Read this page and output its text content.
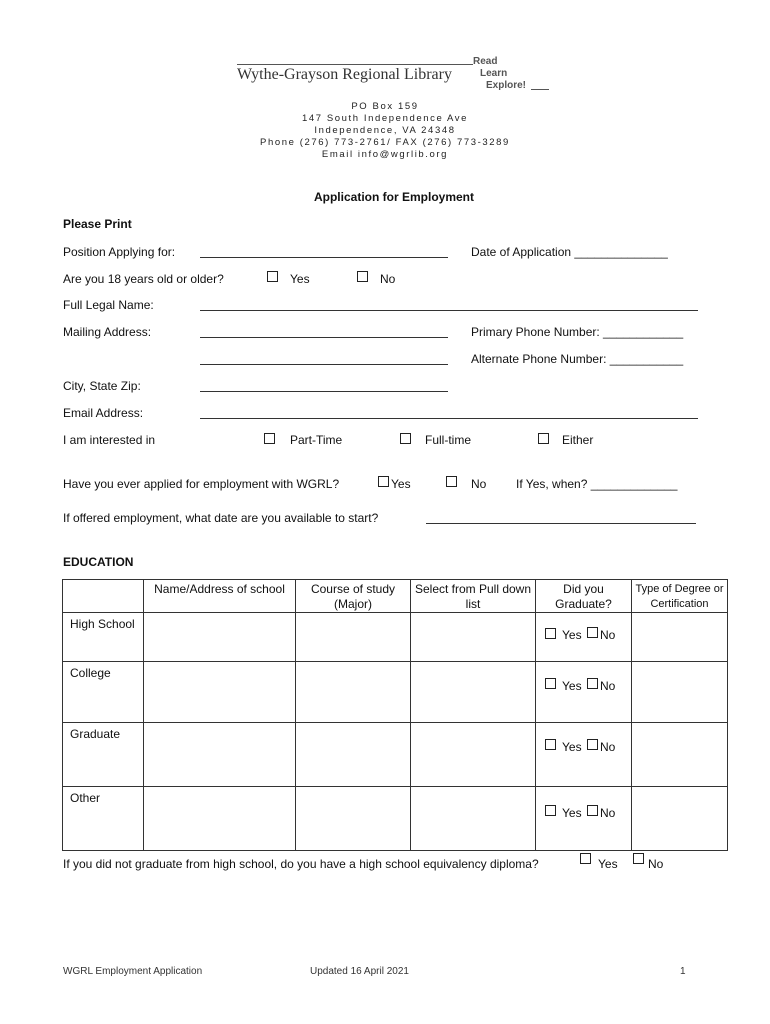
Wythe-Grayson Regional Library
Read
Learn
Explore!
PO Box 159
147 South Independence Ave
Independence, VA 24348
Phone (276) 773-2761/ FAX (276) 773-3289
Email info@wgrlib.org
Application for Employment
Please Print
Position Applying for:	Date of Application ______________
Are you 18 years old or older?	Yes	No
Full Legal Name:
Mailing Address:	Primary Phone Number: ____________
Alternate Phone Number: ___________
City, State Zip:
Email Address:
I am interested in	Part-Time	Full-time	Either
Have you ever applied for employment with WGRL?	Yes	No If Yes, when? _____________
If offered employment, what date are you available to start?
EDUCATION
	Name/Address of school	Course of study (Major)	Select from Pull down list	Did you Graduate?	Type of Degree or Certification

High School				Yes No	

College				Yes No	

Graduate				Yes No	

Other				Yes No	

If you did not graduate from high school, do you have a high school equivalency diploma?	Yes	No
WGRL Employment Application	Updated 16 April 2021	1
